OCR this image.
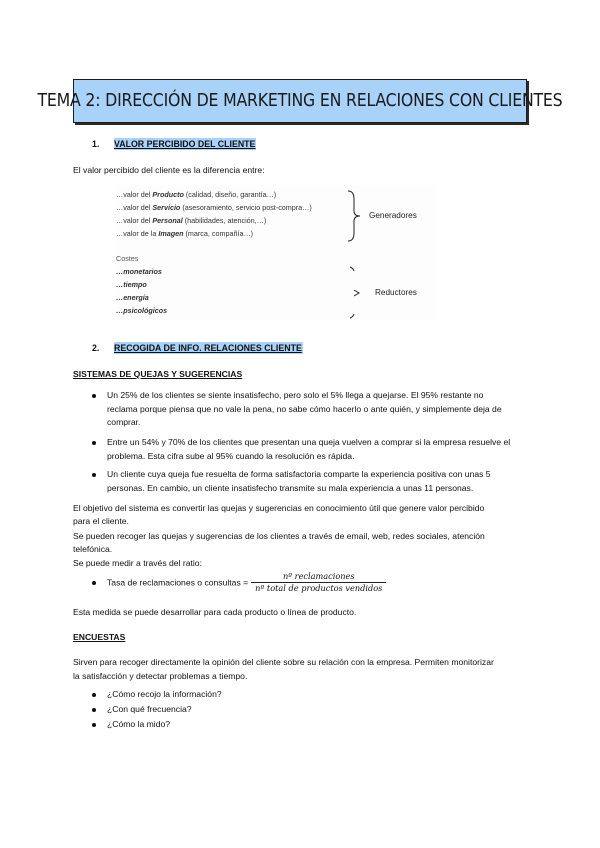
TEMA 2: DIRECCIÓN DE MARKETING EN RELACIONES CON CLIENTES
1. VALOR PERCIBIDO DEL CLIENTE
El valor percibido del cliente es la diferencia entre:
…valor del Producto (calidad, diseño, garantía…)
…valor del Servicio (asesoramiento, servicio post-compra…)
…valor del Personal (habilidades, atención,…)
…valor de la Imagen (marca, compañía…)
Generadores
Costes
…monetarios
…tiempo
…energía
…psicológicos
Reductores
2. RECOGIDA DE INFO. RELACIONES CLIENTE
SISTEMAS DE QUEJAS Y SUGERENCIAS
Un 25% de los clientes se siente insatisfecho, pero solo el 5% llega a quejarse. El 95% restante no reclama porque piensa que no vale la pena, no sabe cómo hacerlo o ante quién, y simplemente deja de comprar.
Entre un 54% y 70% de los clientes que presentan una queja vuelven a comprar si la empresa resuelve el problema. Esta cifra sube al 95% cuando la resolución es rápida.
Un cliente cuya queja fue resuelta de forma satisfactoria comparte la experiencia positiva con unas 5 personas. En cambio, un cliente insatisfecho transmite su mala experiencia a unas 11 personas.
El objetivo del sistema es convertir las quejas y sugerencias en conocimiento útil que genere valor percibido
para el cliente.
Se pueden recoger las quejas y sugerencias de los clientes a través de email, web, redes sociales, atención
telefónica.
Se puede medir a través del ratio:
Tasa de reclamaciones o consultas = $\frac{\text{nº reclamaciones}}{\text{nº total de productos vendidos}}$
Esta medida se puede desarrollar para cada producto o línea de producto.
ENCUESTAS
Sirven para recoger directamente la opinión del cliente sobre su relación con la empresa. Permiten monitorizar
la satisfacción y detectar problemas a tiempo.
¿Cómo recojo la información?
¿Con qué frecuencia?
¿Cómo la mido?
